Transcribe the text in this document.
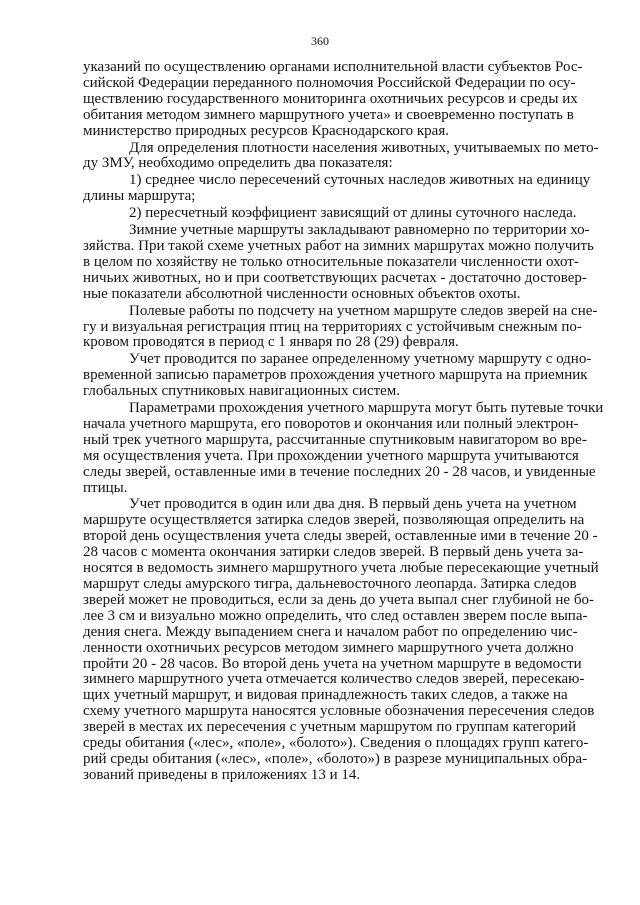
360

указаний по осуществлению органами исполнительной власти субъектов Рос-
сийской Федерации переданного полномочия Российской Федерации по осу-
ществлению государственного мониторинга охотничьих ресурсов и среды их
обитания методом зимнего маршрутного учета» и своевременно поступать в
министерство природных ресурсов Краснодарского края.

Для определения плотности населения животных, учитываемых по мето-
ду ЗМУ, необходимо определить два показателя:

1) среднее число пересечений суточных наследов животных на единицу
длины маршрута;

2) пересчетный коэффициент зависящий от длины суточного наследа.

Зимние учетные маршруты закладывают равномерно по территории хо-
зяйства. При такой схеме учетных работ на зимних маршрутах можно получить
в целом по хозяйству не только относительные показатели численности охот-
ничьих животных, но и при соответствующих расчетах - достаточно достовер-
ные показатели абсолютной численности основных объектов охоты.

Полевые работы по подсчету на учетном маршруте следов зверей на сне-
гу и визуальная регистрация птиц на территориях с устойчивым снежным по-
кровом проводятся в период с 1 января по 28 (29) февраля.

Учет проводится по заранее определенному учетному маршруту с одно-
временной записью параметров прохождения учетного маршрута на приемник
глобальных спутниковых навигационных систем.

Параметрами прохождения учетного маршрута могут быть путевые точки
начала учетного маршрута, его поворотов и окончания или полный электрон-
ный трек учетного маршрута, рассчитанные спутниковым навигатором во вре-
мя осуществления учета. При прохождении учетного маршрута учитываются
следы зверей, оставленные ими в течение последних 20 - 28 часов, и увиденные
птицы.

Учет проводится в один или два дня. В первый день учета на учетном
маршруте осуществляется затирка следов зверей, позволяющая определить на
второй день осуществления учета следы зверей, оставленные ими в течение 20 -
28 часов с момента окончания затирки следов зверей. В первый день учета за-
носятся в ведомость зимнего маршрутного учета любые пересекающие учетный
маршрут следы амурского тигра, дальневосточного леопарда. Затирка следов
зверей может не проводиться, если за день до учета выпал снег глубиной не бо-
лее 3 см и визуально можно определить, что след оставлен зверем после выпа-
дения снега. Между выпадением снега и началом работ по определению чис-
ленности охотничьих ресурсов методом зимнего маршрутного учета должно
пройти 20 - 28 часов. Во второй день учета на учетном маршруте в ведомости
зимнего маршрутного учета отмечается количество следов зверей, пересекаю-
щих учетный маршрут, и видовая принадлежность таких следов, а также на
схему учетного маршрута наносятся условные обозначения пересечения следов
зверей в местах их пересечения с учетным маршрутом по группам категорий
среды обитания («лес», «поле», «болото»). Сведения о площадях групп катего-
рий среды обитания («лес», «поле», «болото») в разрезе муниципальных обра-
зований приведены в приложениях 13 и 14.
